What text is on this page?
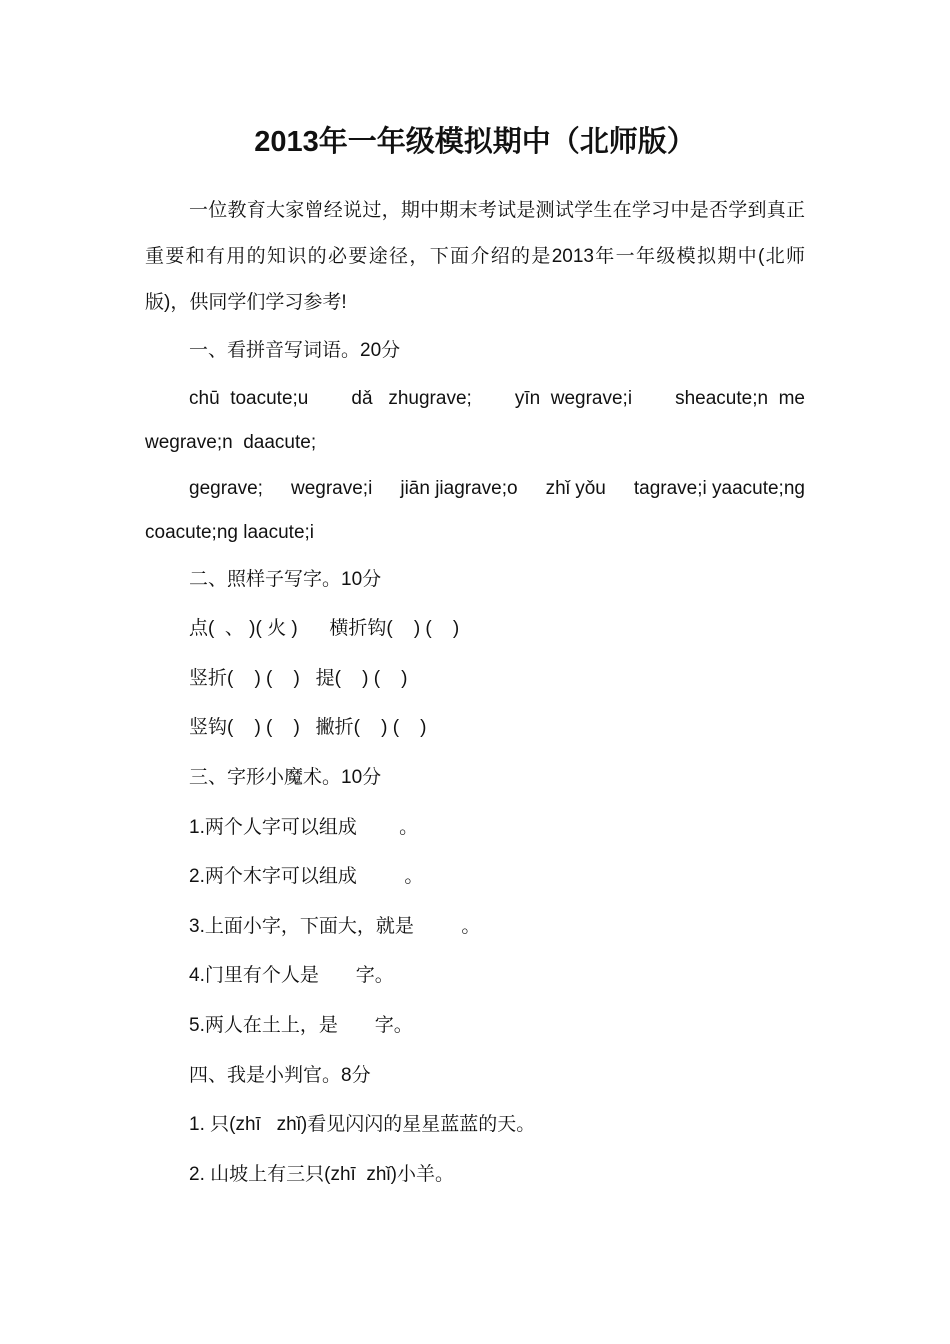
2013年一年级模拟期中（北师版）
一位教育大家曾经说过，期中期末考试是测试学生在学习中是否学到真正重要和有用的知识的必要途径，下面介绍的是2013年一年级模拟期中(北师版)，供同学们学习参考!
一、看拼音写词语。20分
chū  toacute;u dǎ   zhugrave; yīn  wegrave;i sheacute;n  me
wegrave;n  daacute;
gegrave; wegrave;i jiān jiagrave;o zhǐ yǒu tagrave;i yaacute;ng
coacute;ng laacute;i
二、照样子写字。10分
点(  、 )( 火 )      横折钩(    ) (    )
竖折(    ) (    )   提(    ) (    )
竖钩(    ) (    )   撇折(    ) (    )
三、字形小魔术。10分
1.两个人字可以组成        。
2.两个木字可以组成         。
3.上面小字，下面大，就是         。
4.门里有个人是       字。
5.两人在土上，是       字。
四、我是小判官。8分
1. 只(zhī   zhǐ)看见闪闪的星星蓝蓝的天。
2. 山坡上有三只(zhī  zhǐ)小羊。
